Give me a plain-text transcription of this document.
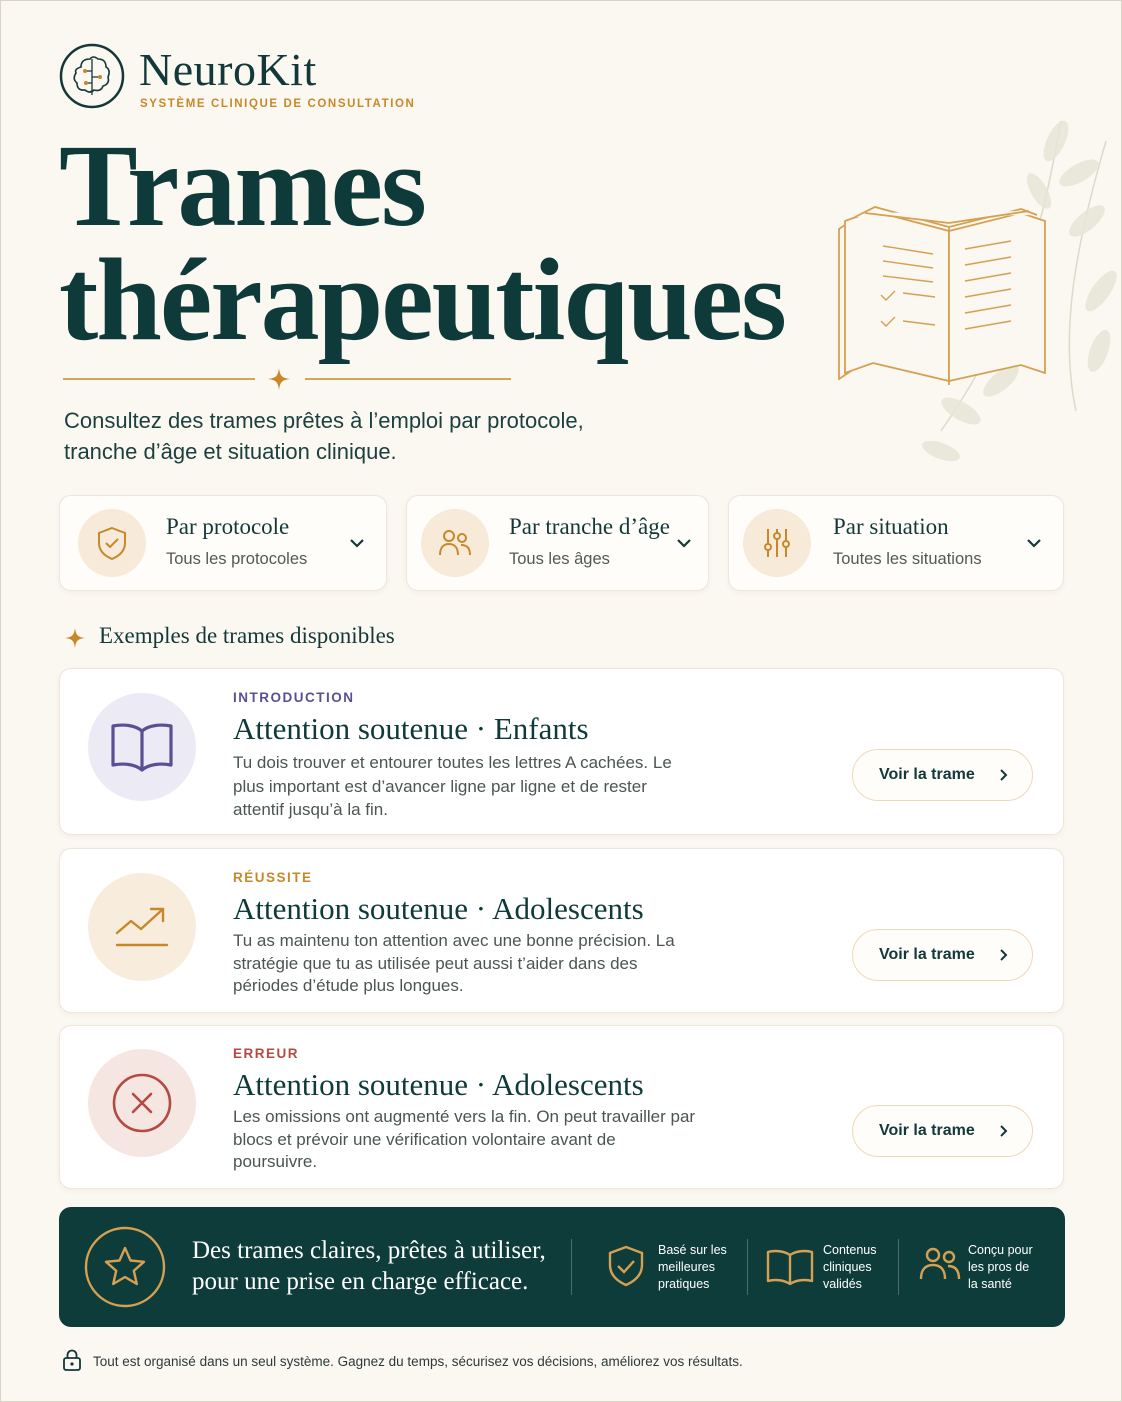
NeuroKit
SYSTÈME CLINIQUE DE CONSULTATION
Trames
thérapeutiques
Consultez des trames prêtes à l’emploi par protocole,
tranche d’âge et situation clinique.
Par protocole
Tous les protocoles
Par tranche d’âge
Tous les âges
Par situation
Toutes les situations
Exemples de trames disponibles
INTRODUCTION
Attention soutenue · Enfants
Tu dois trouver et entourer toutes les lettres A cachées. Le plus important est d’avancer ligne par ligne et de rester attentif jusqu’à la fin.
Voir la trame
RÉUSSITE
Attention soutenue · Adolescents
Tu as maintenu ton attention avec une bonne précision. La stratégie que tu as utilisée peut aussi t’aider dans des périodes d’étude plus longues.
Voir la trame
ERREUR
Attention soutenue · Adolescents
Les omissions ont augmenté vers la fin. On peut travailler par blocs et prévoir une vérification volontaire avant de poursuivre.
Voir la trame
Des trames claires, prêtes à utiliser,
pour une prise en charge efficace.
Basé sur les
meilleures
pratiques
Contenus
cliniques
validés
Conçu pour
les pros de
la santé
Tout est organisé dans un seul système. Gagnez du temps, sécurisez vos décisions, améliorez vos résultats.
